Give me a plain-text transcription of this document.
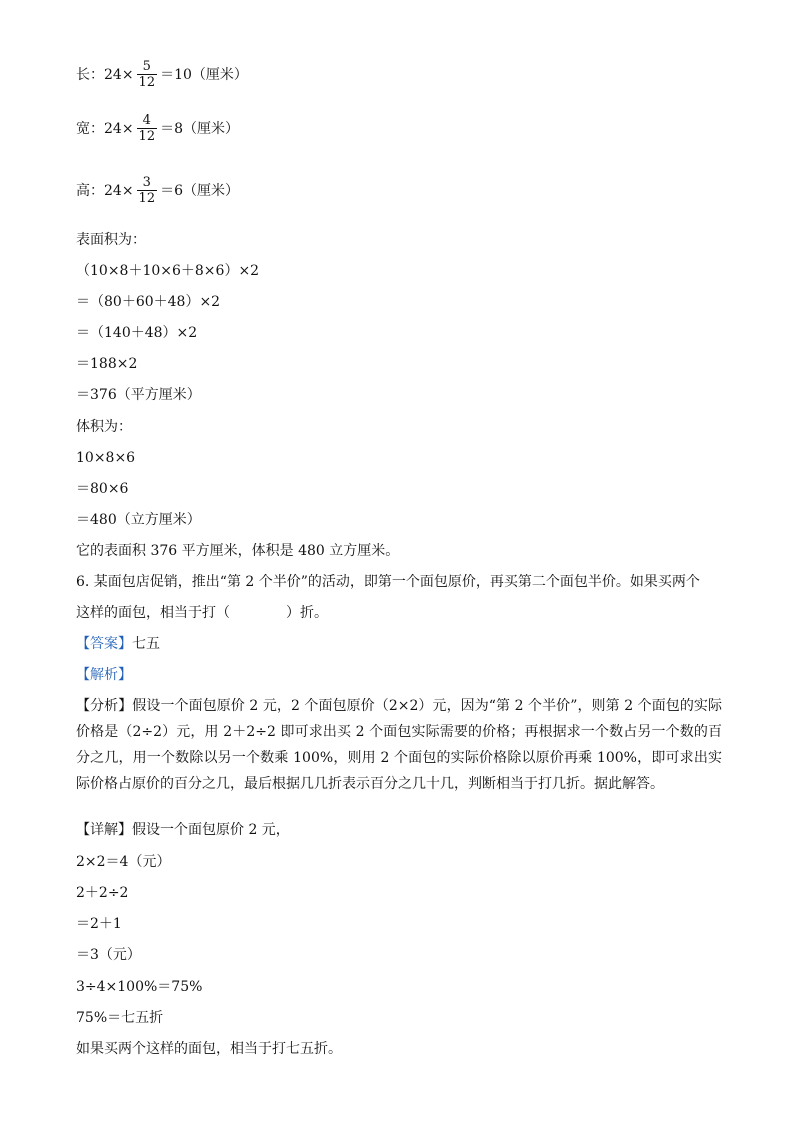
长： $24\times \frac{5}{12} =10$（厘米）
宽： $24\times \frac{4}{12} =8$（厘米）
高： $24\times \frac{3}{12} =6$（厘米）
表面积为：
（10×8＋10×6＋8×6）×2
＝（80＋60＋48）×2
＝（140＋48）×2
＝188×2
＝376（平方厘米）
体积为：
10×8×6
＝80×6
＝480（立方厘米）
它的表面积 376 平方厘米，体积是 480 立方厘米。
6. 某面包店促销，推出“第 2 个半价”的活动，即第一个面包原价，再买第二个面包半价。如果买两个
这样的面包，相当于打（　　　　）折。
【答案】七五
【解析】
【分析】假设一个面包原价 2 元，2 个面包原价（2×2）元，因为“第 2 个半价”，则第 2 个面包的实际价格是（2÷2）元，用 2＋2÷2 即可求出买 2 个面包实际需要的价格；再根据求一个数占另一个数的百分之几，用一个数除以另一个数乘 100%，则用 2 个面包的实际价格除以原价再乘 100%，即可求出实际价格占原价的百分之几，最后根据几几折表示百分之几十几，判断相当于打几折。据此解答。
【详解】假设一个面包原价 2 元，
2×2＝4（元）
2＋2÷2
＝2＋1
＝3（元）
3÷4×100%＝75%
75%＝七五折
如果买两个这样的面包，相当于打七五折。
